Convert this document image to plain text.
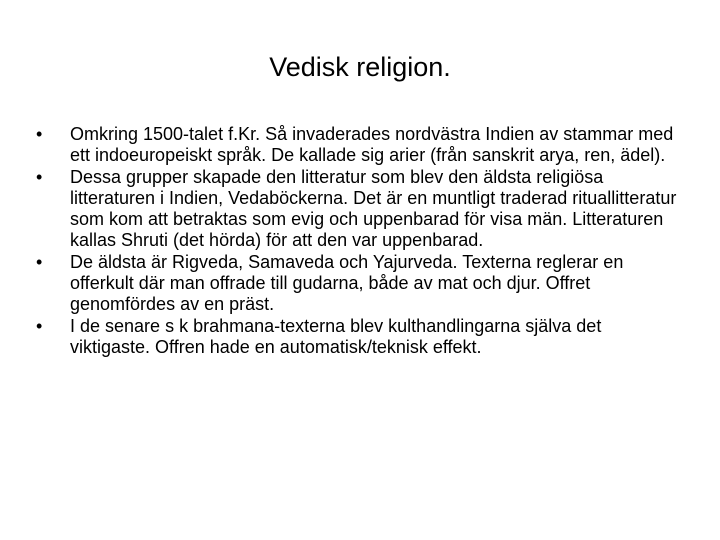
Vedisk religion.
•	Omkring 1500-talet f.Kr. Så invaderades nordvästra Indien av stammar med ett indoeuropeiskt språk. De kallade sig arier (från sanskrit arya, ren, ädel).
•	Dessa grupper skapade den litteratur som blev den äldsta religiösa litteraturen i Indien, Vedaböckerna. Det är en muntligt traderad rituallitteratur som kom att betraktas som evig och uppenbarad för visa män. Litteraturen kallas Shruti (det hörda) för att den var uppenbarad.
•	De äldsta är Rigveda, Samaveda och Yajurveda. Texterna reglerar en offerkult där man offrade till gudarna, både av mat och djur. Offret genomfördes av en präst.
•	I de senare s k brahmana-texterna blev kulthandlingarna själva det viktigaste. Offren hade en automatisk/teknisk effekt.
